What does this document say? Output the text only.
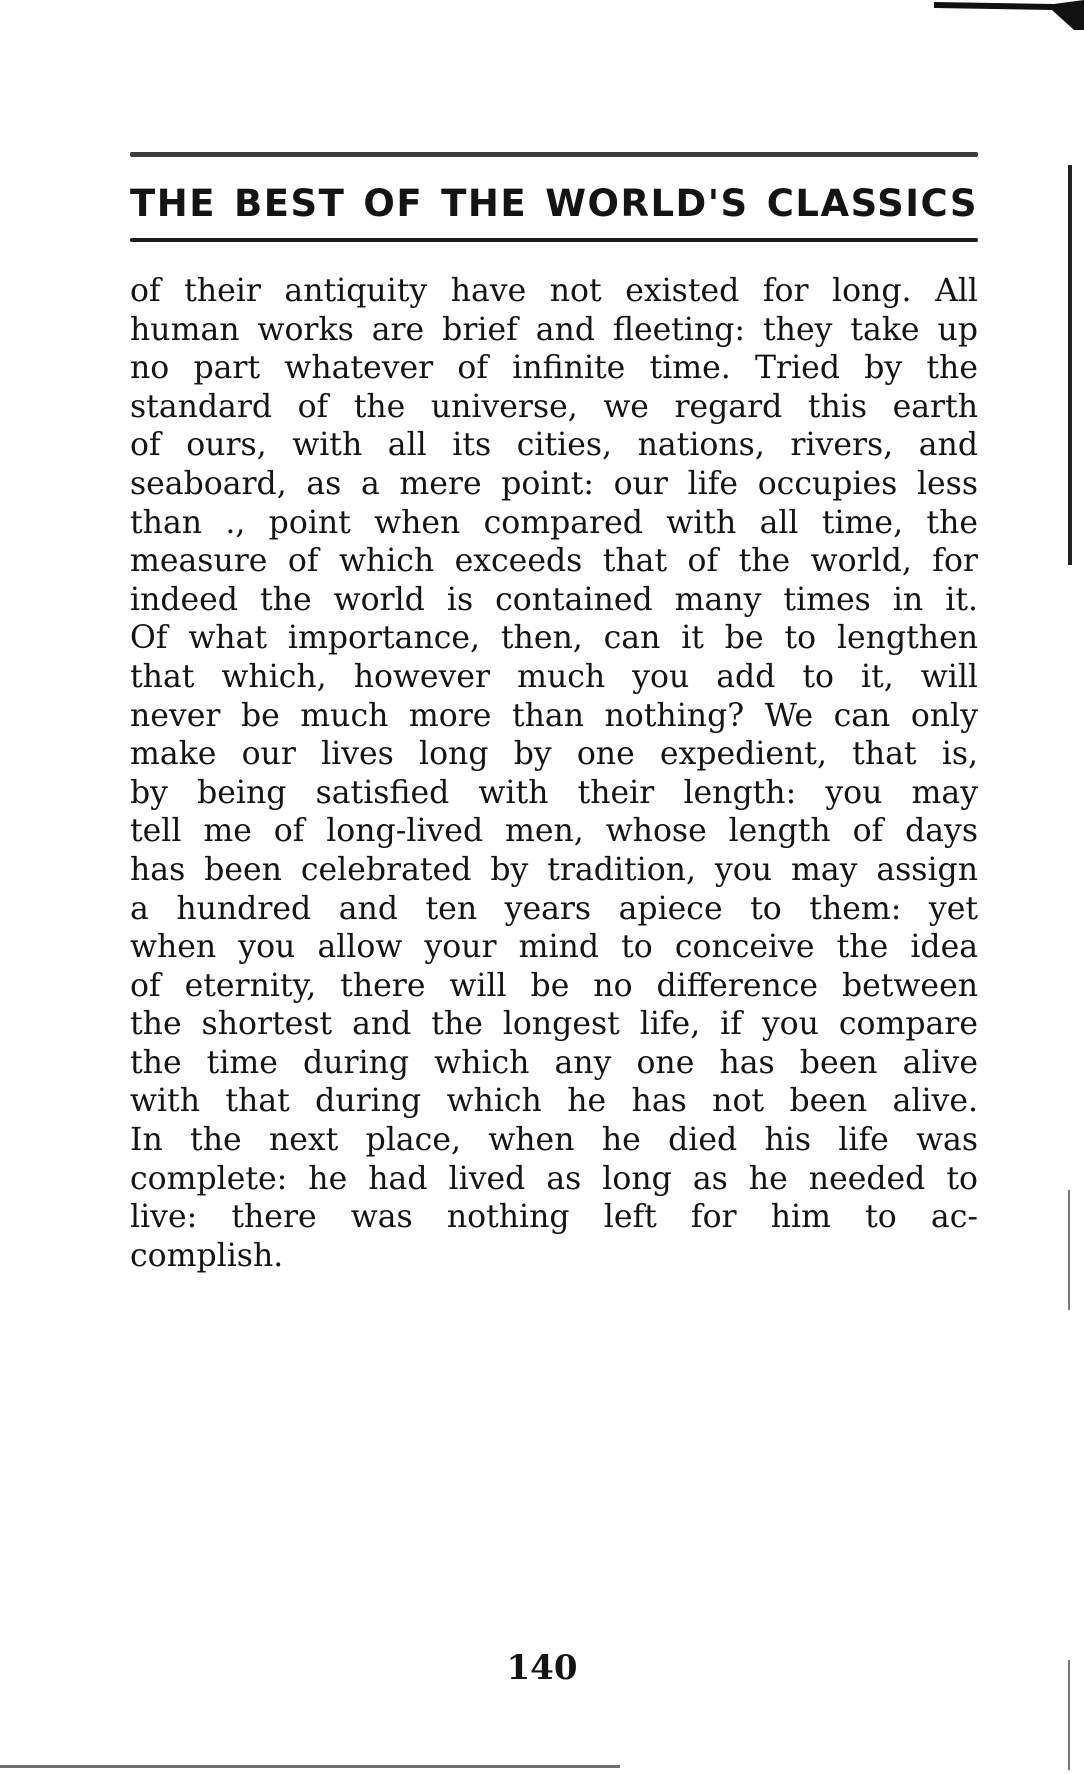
THE BEST OF THE WORLD'S CLASSICS
of their antiquity have not existed for long. All
human works are brief and fleeting: they take up
no part whatever of infinite time. Tried by the
standard of the universe, we regard this earth
of ours, with all its cities, nations, rivers, and
seaboard, as a mere point: our life occupies less
than ., point when compared with all time, the
measure of which exceeds that of the world, for
indeed the world is contained many times in it.
Of what importance, then, can it be to lengthen
that which, however much you add to it, will
never be much more than nothing? We can only
make our lives long by one expedient, that is,
by being satisfied with their length: you may
tell me of long-lived men, whose length of days
has been celebrated by tradition, you may assign
a hundred and ten years apiece to them: yet
when you allow your mind to conceive the idea
of eternity, there will be no difference between
the shortest and the longest life, if you compare
the time during which any one has been alive
with that during which he has not been alive.
In the next place, when he died his life was
complete: he had lived as long as he needed to
live: there was nothing left for him to ac-
complish.

140
